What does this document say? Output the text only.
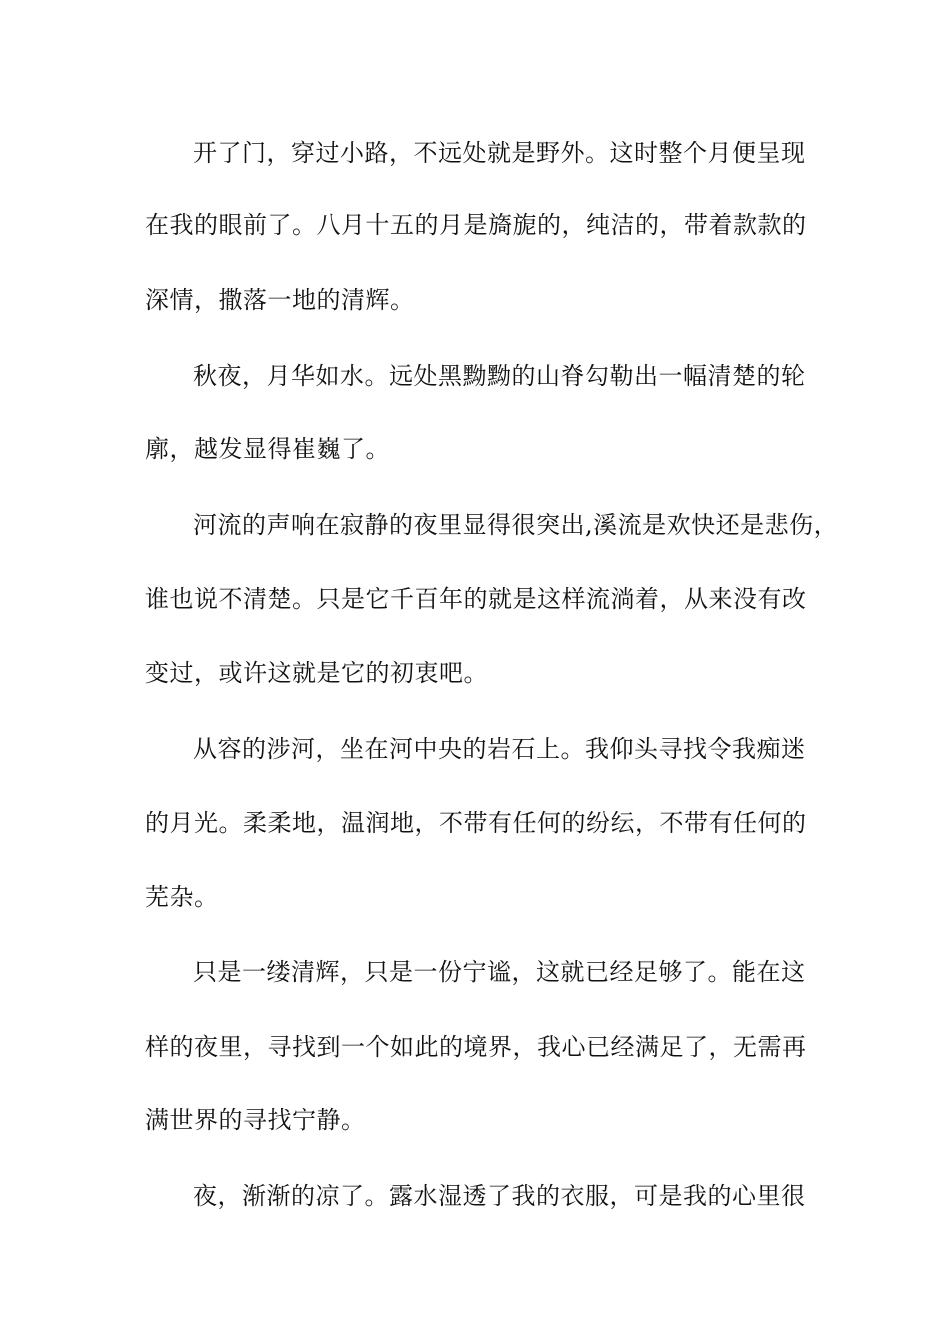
开了门，穿过小路，不远处就是野外。这时整个月便呈现
在我的眼前了。八月十五的月是旖旎的，纯洁的，带着款款的
深情，撒落一地的清辉。
秋夜，月华如水。远处黑黝黝的山脊勾勒出一幅清楚的轮
廓，越发显得崔巍了。
河流的声响在寂静的夜里显得很突出,溪流是欢快还是悲伤，
谁也说不清楚。只是它千百年的就是这样流淌着，从来没有改
变过，或许这就是它的初衷吧。
从容的涉河，坐在河中央的岩石上。我仰头寻找令我痴迷
的月光。柔柔地，温润地，不带有任何的纷纭，不带有任何的
芜杂。
只是一缕清辉，只是一份宁谧，这就已经足够了。能在这
样的夜里，寻找到一个如此的境界，我心已经满足了，无需再
满世界的寻找宁静。
夜，渐渐的凉了。露水湿透了我的衣服，可是我的心里很
